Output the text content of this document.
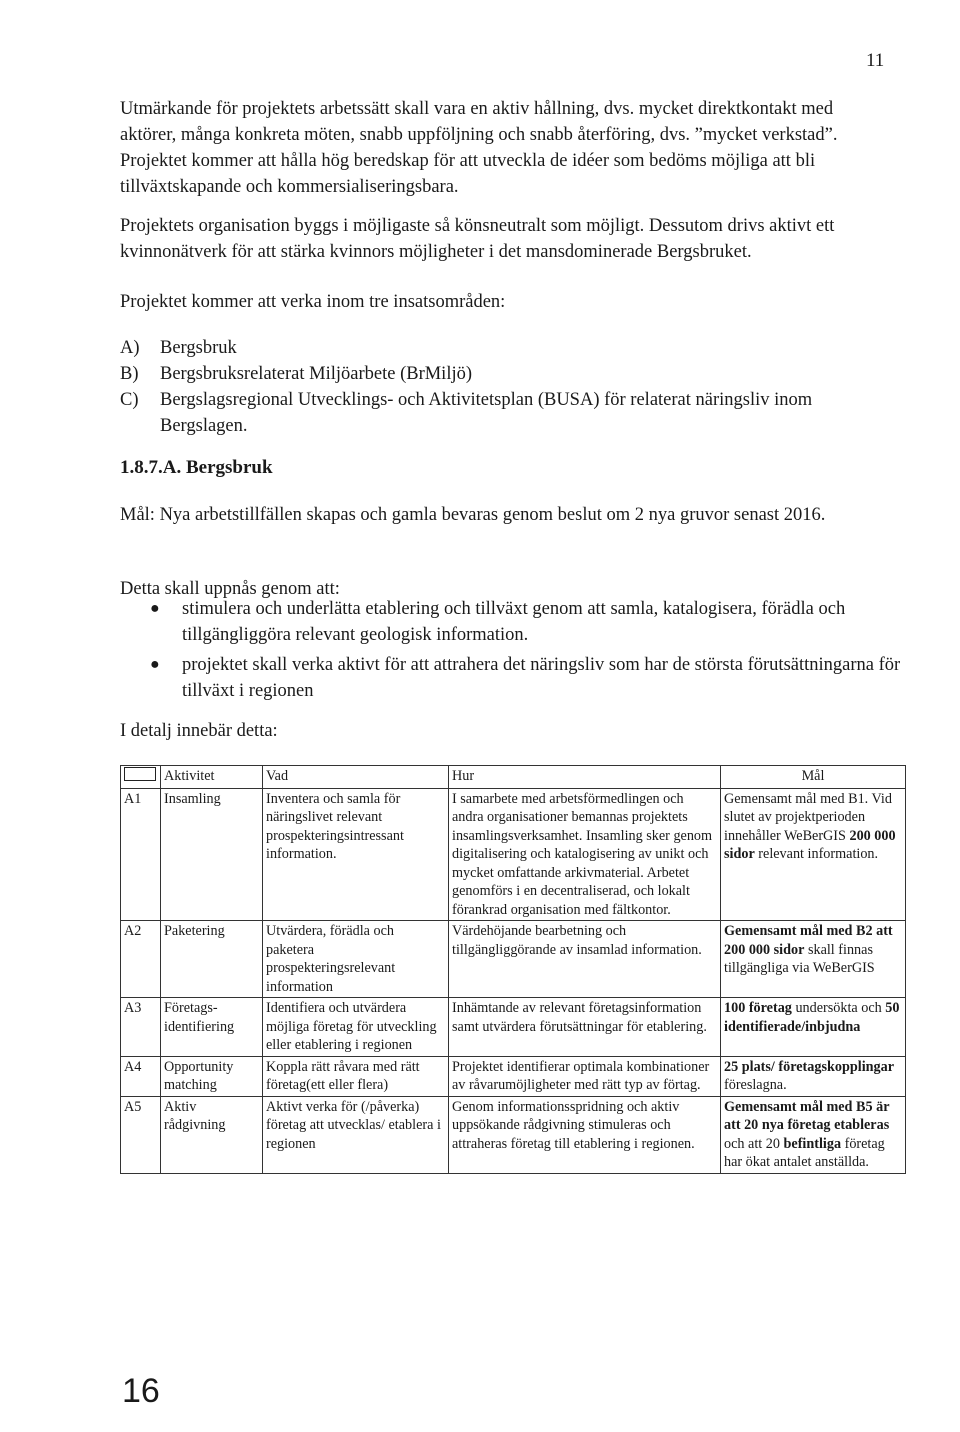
11
Utmärkande för projektets arbetssätt skall vara en aktiv hållning, dvs. mycket direktkontakt med aktörer, många konkreta möten, snabb uppföljning och snabb återföring, dvs. ”mycket verkstad”. Projektet kommer att hålla hög beredskap för att utveckla de idéer som bedöms möjliga att bli tillväxtskapande och kommersialiseringsbara.
Projektets organisation byggs i möjligaste så könsneutralt som möjligt. Dessutom drivs aktivt ett kvinnonätverk för att stärka kvinnors möjligheter i det mansdominerade Bergsbruket.
Projektet kommer att verka inom tre insatsområden:
A)	Bergsbruk
B)	Bergsbruksrelaterat Miljöarbete (BrMiljö)
C)	Bergslagsregional Utvecklings- och Aktivitetsplan (BUSA) för relaterat näringsliv inom Bergslagen.
1.8.7.A. Bergsbruk
Mål: Nya arbetstillfällen skapas och gamla bevaras genom beslut om 2 nya gruvor senast 2016.
Detta skall uppnås genom att:
●	stimulera och underlätta etablering och tillväxt genom att samla, katalogisera, förädla och tillgängliggöra relevant geologisk information.
●	projektet skall verka aktivt för att attrahera det näringsliv som har de största förutsättningarna för tillväxt i regionen
I detalj innebär detta:
	Aktivitet	Vad	Hur	Mål
A1	Insamling	Inventera och samla för näringslivet relevant prospekteringsintressant information.	I samarbete med arbetsförmedlingen och andra organisationer bemannas projektets insamlingsverksamhet. Insamling sker genom digitalisering och katalogisering av unikt och mycket omfattande arkivmaterial. Arbetet genomförs i en decentraliserad, och lokalt förankrad organisation med fältkontor.	Gemensamt mål med B1. Vid slutet av projektperioden innehåller WeBerGIS 200 000 sidor relevant information.
A2	Paketering	Utvärdera, förädla och paketera prospekteringsrelevant information	Värdehöjande bearbetning och tillgängliggörande av insamlad information.	Gemensamt mål med B2 att 200 000 sidor skall finnas tillgängliga via WeBerGIS
A3	Företags-identifiering	Identifiera och utvärdera möjliga företag för utveckling eller etablering i regionen	Inhämtande av relevant företagsinformation samt utvärdera förutsättningar för etablering.	100 företag undersökta och 50 identifierade/inbjudna
A4	Opportunity matching	Koppla rätt råvara med rätt företag(ett eller flera)	Projektet identifierar optimala kombinationer av råvarumöjligheter med rätt typ av förtag.	25 plats/ företagskopplingar föreslagna.
A5	Aktiv rådgivning	Aktivt verka för (/påverka) företag att utvecklas/ etablera i regionen	Genom informationsspridning och aktiv uppsökande rådgivning stimuleras och attraheras företag till etablering i regionen.	Gemensamt mål med B5 är att 20 nya företag etableras och att 20 befintliga företag har ökat antalet anställda.
16
